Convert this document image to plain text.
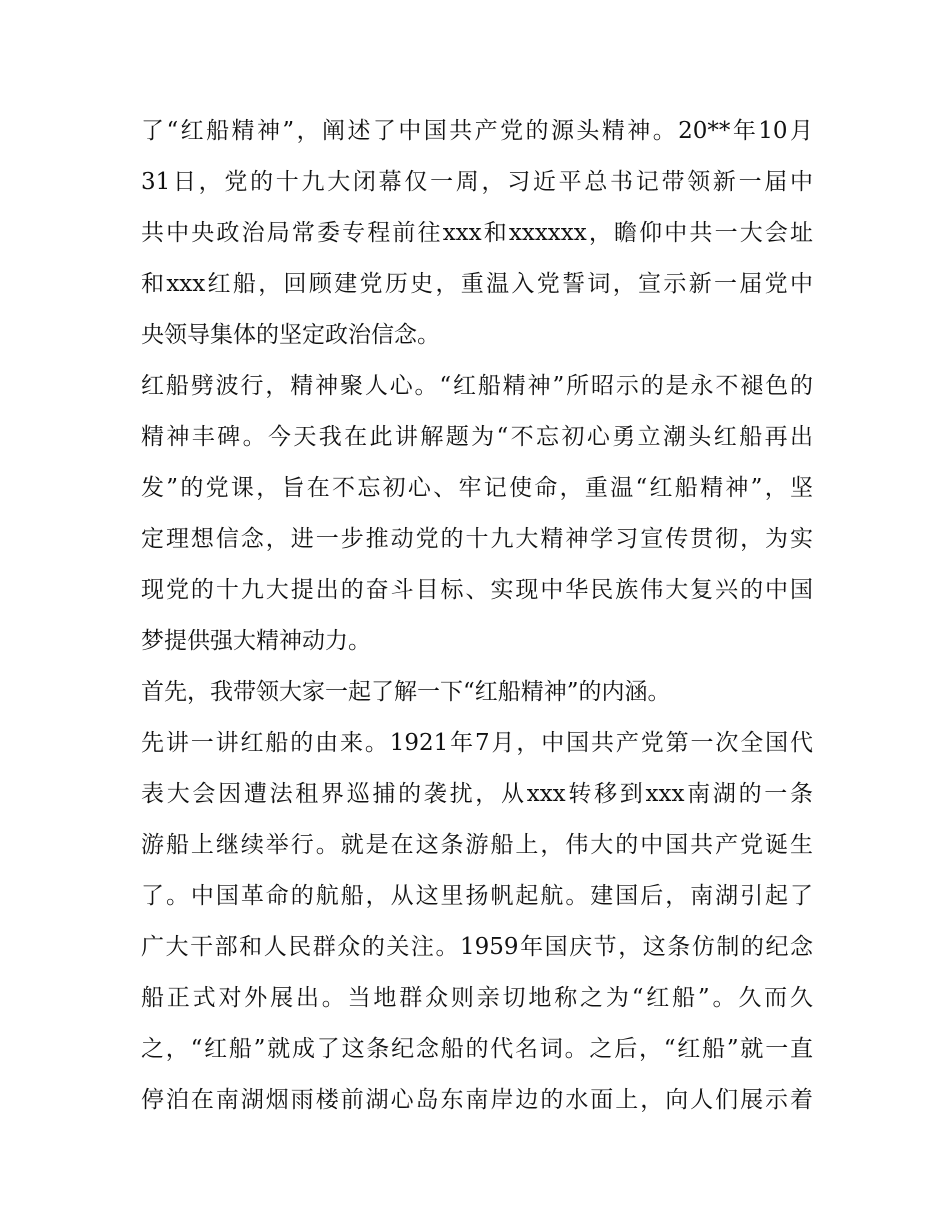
了“红船精神”，阐述了中国共产党的源头精神。20**年10月
31日，党的十九大闭幕仅一周，习近平总书记带领新一届中
共中央政治局常委专程前往xxx和xxxxxx，瞻仰中共一大会址
和xxx红船，回顾建党历史，重温入党誓词，宣示新一届党中
央领导集体的坚定政治信念。
红船劈波行，精神聚人心。“红船精神”所昭示的是永不褪色的
精神丰碑。今天我在此讲解题为“不忘初心勇立潮头红船再出
发”的党课，旨在不忘初心、牢记使命，重温“红船精神”，坚
定理想信念，进一步推动党的十九大精神学习宣传贯彻，为实
现党的十九大提出的奋斗目标、实现中华民族伟大复兴的中国
梦提供强大精神动力。
首先，我带领大家一起了解一下“红船精神”的内涵。
先讲一讲红船的由来。1921年7月，中国共产党第一次全国代
表大会因遭法租界巡捕的袭扰，从xxx转移到xxx南湖的一条
游船上继续举行。就是在这条游船上，伟大的中国共产党诞生
了。中国革命的航船，从这里扬帆起航。建国后，南湖引起了
广大干部和人民群众的关注。1959年国庆节，这条仿制的纪念
船正式对外展出。当地群众则亲切地称之为“红船”。久而久
之，“红船”就成了这条纪念船的代名词。之后，“红船”就一直
停泊在南湖烟雨楼前湖心岛东南岸边的水面上，向人们展示着
